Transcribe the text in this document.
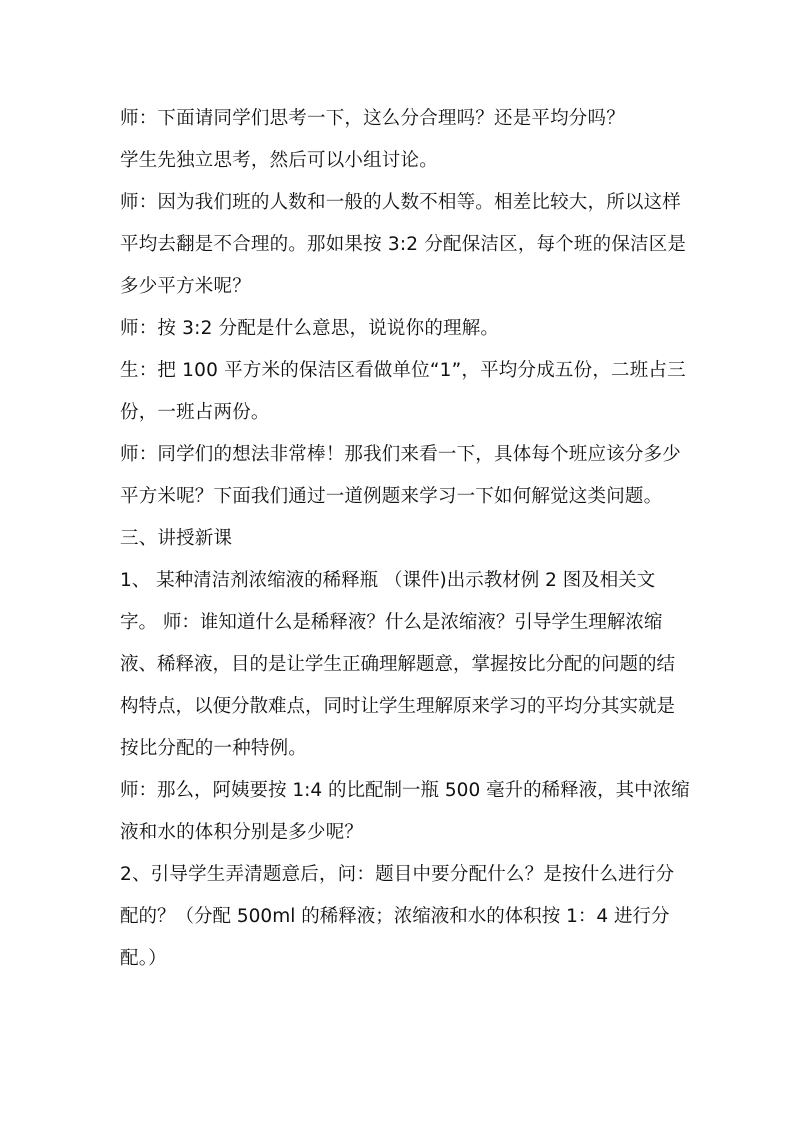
师：下面请同学们思考一下，这么分合理吗？还是平均分吗？
学生先独立思考，然后可以小组讨论。
师：因为我们班的人数和一般的人数不相等。相差比较大，所以这样
平均去翻是不合理的。那如果按 3:2 分配保洁区，每个班的保洁区是
多少平方米呢？
师：按 3:2 分配是什么意思，说说你的理解。
生：把 100 平方米的保洁区看做单位“1”，平均分成五份，二班占三
份，一班占两份。
师：同学们的想法非常棒！那我们来看一下，具体每个班应该分多少
平方米呢？下面我们通过一道例题来学习一下如何解觉这类问题。
三、讲授新课
1、 某种清洁剂浓缩液的稀释瓶 （课件)出示教材例 2 图及相关文
字。 师：谁知道什么是稀释液？什么是浓缩液？引导学生理解浓缩
液、稀释液，目的是让学生正确理解题意，掌握按比分配的问题的结
构特点，以便分散难点，同时让学生理解原来学习的平均分其实就是
按比分配的一种特例。
师：那么，阿姨要按 1:4 的比配制一瓶 500 毫升的稀释液，其中浓缩
液和水的体积分别是多少呢？
2、引导学生弄清题意后，问：题目中要分配什么？是按什么进行分
配的？（分配 500ml 的稀释液；浓缩液和水的体积按 1：4 进行分
配。）
